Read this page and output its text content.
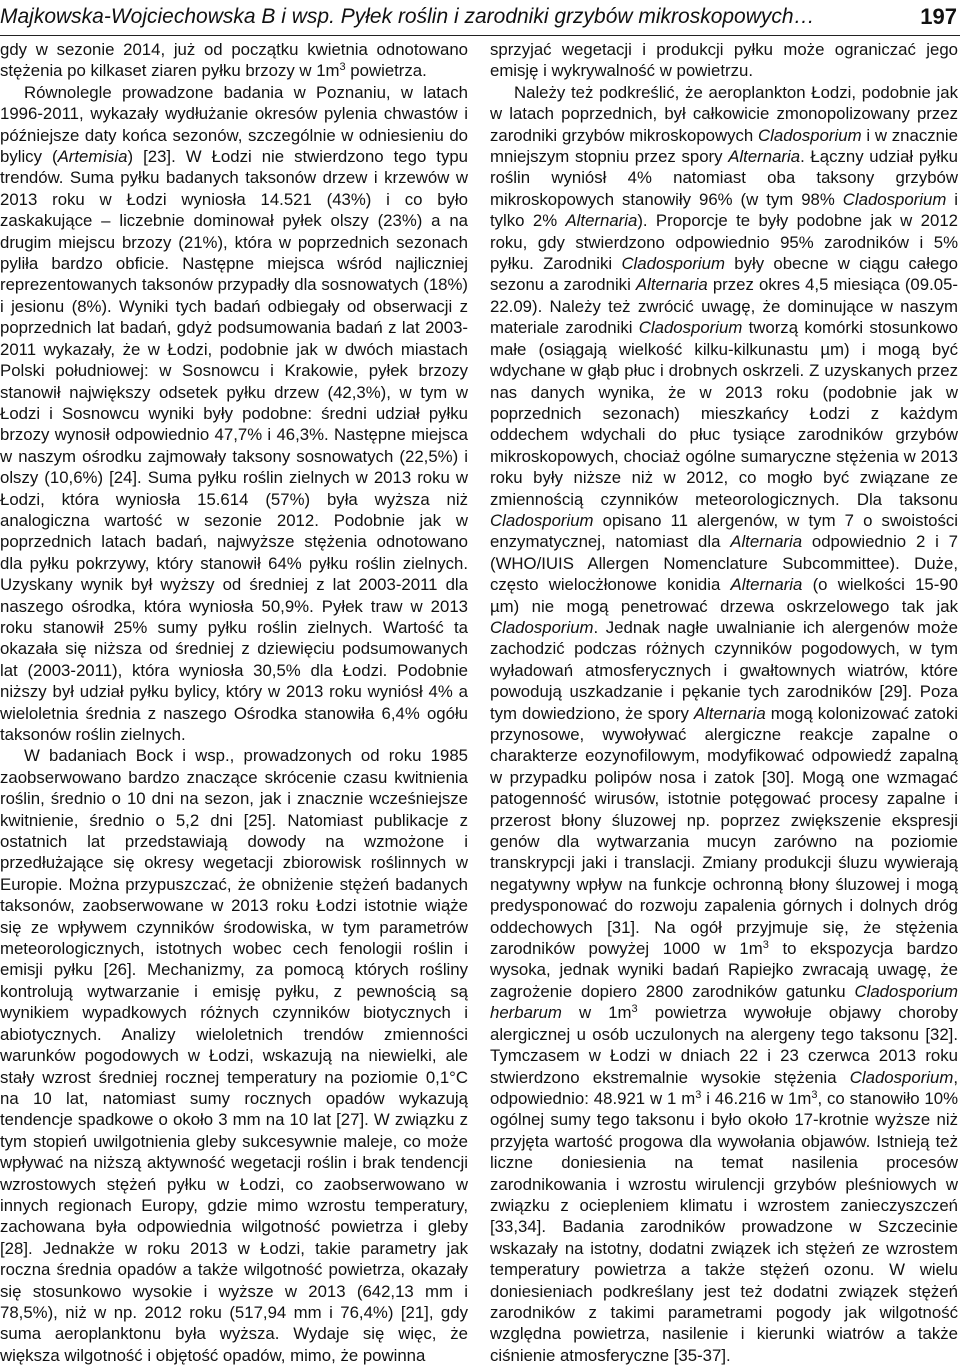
Majkowska-Wojciechowska B i wsp. Pyłek roślin i zarodniki grzybów mikroskopowych…	197

gdy w sezonie 2014, już od początku kwietnia odnotowano stężenia po kilkaset ziaren pyłku brzozy w $1m^3$ powietrza.

Równolegle prowadzone badania w Poznaniu, w latach 1996-2011, wykazały wydłużanie okresów pylenia chwastów i późniejsze daty końca sezonów, szczególnie w odniesieniu do bylicy (Artemisia) [23]. W Łodzi nie stwierdzono tego typu trendów. Suma pyłku badanych taksonów drzew i krzewów w 2013 roku w Łodzi wyniosła 14.521 (43%) i co było zaskakujące – liczebnie dominował pyłek olszy (23%) a na drugim miejscu brzozy (21%), która w poprzednich sezonach pyliła bardzo obficie. Następne miejsca wśród najliczniej reprezentowanych taksonów przypadły dla sosnowatych (18%) i jesionu (8%). Wyniki tych badań odbiegały od obserwacji z poprzednich lat badań, gdyż podsumowania badań z lat 2003-2011 wykazały, że w Łodzi, podobnie jak w dwóch miastach Polski południowej: w Sosnowcu i Krakowie, pyłek brzozy stanowił największy odsetek pyłku drzew (42,3%), w tym w Łodzi i Sosnowcu wyniki były podobne: średni udział pyłku brzozy wynosił odpowiednio 47,7% i 46,3%. Następne miejsca w naszym ośrodku zajmowały taksony sosnowatych (22,5%) i olszy (10,6%) [24]. Suma pyłku roślin zielnych w 2013 roku w Łodzi, która wyniosła 15.614 (57%) była wyższa niż analogiczna wartość w sezonie 2012. Podobnie jak w poprzednich latach badań, najwyższe stężenia odnotowano dla pyłku pokrzywy, który stanowił 64% pyłku roślin zielnych. Uzyskany wynik był wyższy od średniej z lat 2003-2011 dla naszego ośrodka, która wyniosła 50,9%. Pyłek traw w 2013 roku stanowił 25% sumy pyłku roślin zielnych. Wartość ta okazała się niższa od średniej z dziewięciu podsumowanych lat (2003-2011), która wyniosła 30,5% dla Łodzi. Podobnie niższy był udział pyłku bylicy, który w 2013 roku wyniósł 4% a wieloletnia średnia z naszego Ośrodka stanowiła 6,4% ogółu taksonów roślin zielnych.

W badaniach Bock i wsp., prowadzonych od roku 1985 zaobserwowano bardzo znaczące skrócenie czasu kwitnienia roślin, średnio o 10 dni na sezon, jak i znacznie wcześniejsze kwitnienie, średnio o 5,2 dni [25]. Natomiast publikacje z ostatnich lat przedstawiają dowody na wzmożone i przedłużające się okresy wegetacji zbiorowisk roślinnych w Europie. Można przypuszczać, że obniżenie stężeń badanych taksonów, zaobserwowane w 2013 roku Łodzi istotnie wiąże się ze wpływem czynników środowiska, w tym parametrów meteorologicznych, istotnych wobec cech fenologii roślin i emisji pyłku [26]. Mechanizmy, za pomocą których rośliny kontrolują wytwarzanie i emisję pyłku, z pewnością są wynikiem wypadkowych różnych czynników biotycznych i abiotycznych. Analizy wieloletnich trendów zmienności warunków pogodowych w Łodzi, wskazują na niewielki, ale stały wzrost średniej rocznej temperatury na poziomie 0,1°C na 10 lat, natomiast sumy rocznych opadów wykazują tendencje spadkowe o około 3 mm na 10 lat [27]. W związku z tym stopień uwilgotnienia gleby sukcesywnie maleje, co może wpływać na niższą aktywność wegetacji roślin i brak tendencji wzrostowych stężeń pyłku w Łodzi, co zaobserwowano w innych regionach Europy, gdzie mimo wzrostu temperatury, zachowana była odpowiednia wilgotność powietrza i gleby [28]. Jednakże w roku 2013 w Łodzi, takie parametry jak roczna średnia opadów a także wilgotność powietrza, okazały się stosunkowo wysokie i wyższe w 2013 (642,13 mm i 78,5%), niż w np. 2012 roku (517,94 mm i 76,4%) [21], gdy suma aeroplanktonu była wyższa. Wydaje się więc, że większa wilgotność i objętość opadów, mimo, że powinna

sprzyjać wegetacji i produkcji pyłku może ograniczać jego emisję i wykrywalność w powietrzu.

Należy też podkreślić, że aeroplankton Łodzi, podobnie jak w latach poprzednich, był całkowicie zmonopolizowany przez zarodniki grzybów mikroskopowych Cladosporium i w znacznie mniejszym stopniu przez spory Alternaria. Łączny udział pyłku roślin wyniósł 4% natomiast oba taksony grzybów mikroskopowych stanowiły 96% (w tym 98% Cladosporium i tylko 2% Alternaria). Proporcje te były podobne jak w 2012 roku, gdy stwierdzono odpowiednio 95% zarodników i 5% pyłku. Zarodniki Cladosporium były obecne w ciągu całego sezonu a zarodniki Alternaria przez okres 4,5 miesiąca (09.05-22.09). Należy też zwrócić uwagę, że dominujące w naszym materiale zarodniki Cladosporium tworzą komórki stosunkowo małe (osiągają wielkość kilku-kilkunastu µm) i mogą być wdychane w głąb płuc i drobnych oskrzeli. Z uzyskanych przez nas danych wynika, że w 2013 roku (podobnie jak w poprzednich sezonach) mieszkańcy Łodzi z każdym oddechem wdychali do płuc tysiące zarodników grzybów mikroskopowych, chociaż ogólne sumaryczne stężenia w 2013 roku były niższe niż w 2012, co mogło być związane ze zmiennością czynników meteorologicznych. Dla taksonu Cladosporium opisano 11 alergenów, w tym 7 o swoistości enzymatycznej, natomiast dla Alternaria odpowiednio 2 i 7 (WHO/IUIS Allergen Nomenclature Subcommittee). Duże, często wielocżłonowe konidia Alternaria (o wielkości 15-90 µm) nie mogą penetrować drzewa oskrzelowego tak jak Cladosporium. Jednak nagłe uwalnianie ich alergenów może zachodzić podczas różnych czynników pogodowych, w tym wyładowań atmosferycznych i gwałtownych wiatrów, które powodują uszkadzanie i pękanie tych zarodników [29]. Poza tym dowiedziono, że spory Alternaria mogą kolonizować zatoki przynosowe, wywoływać alergiczne reakcje zapalne o charakterze eozynofilowym, modyfikować odpowiedź zapalną w przypadku polipów nosa i zatok [30]. Mogą one wzmagać patogenność wirusów, istotnie potęgować procesy zapalne i przerost błony śluzowej np. poprzez zwiększenie ekspresji genów dla wytwarzania mucyn zarówno na poziomie transkrypcji jaki i translacji. Zmiany produkcji śluzu wywierają negatywny wpływ na funkcje ochronną błony śluzowej i mogą predysponować do rozwoju zapalenia górnych i dolnych dróg oddechowych [31]. Na ogół przyjmuje się, że stężenia zarodników powyżej 1000 w $1m^3$ to ekspozycja bardzo wysoka, jednak wyniki badań Rapiejko zwracają uwagę, że zagrożenie dopiero 2800 zarodników gatunku Cladosporium herbarum w $1m^3$ powietrza wywołuje objawy choroby alergicznej u osób uczulonych na alergeny tego taksonu [32]. Tymczasem w Łodzi w dniach 22 i 23 czerwca 2013 roku stwierdzono ekstremalnie wysokie stężenia Cladosporium, odpowiednio: 48.921 w 1 $m^3$ i 46.216 w $1m^3$, co stanowiło 10% ogólnej sumy tego taksonu i było około 17-krotnie wyższe niż przyjęta wartość progowa dla wywołania objawów. Istnieją też liczne doniesienia na temat nasilenia procesów zarodnikowania i wzrostu wirulencji grzybów pleśniowych w związku z ociepleniem klimatu i wzrostem zanieczyszczeń [33,34]. Badania zarodników prowadzone w Szczecinie wskazały na istotny, dodatni związek ich stężeń ze wzrostem temperatury powietrza a także stężeń ozonu. W wielu doniesieniach podkreślany jest też dodatni związek stężeń zarodników z takimi parametrami pogody jak wilgotność względna powietrza, nasilenie i kierunki wiatrów a także ciśnienie atmosferyczne [35-37].
